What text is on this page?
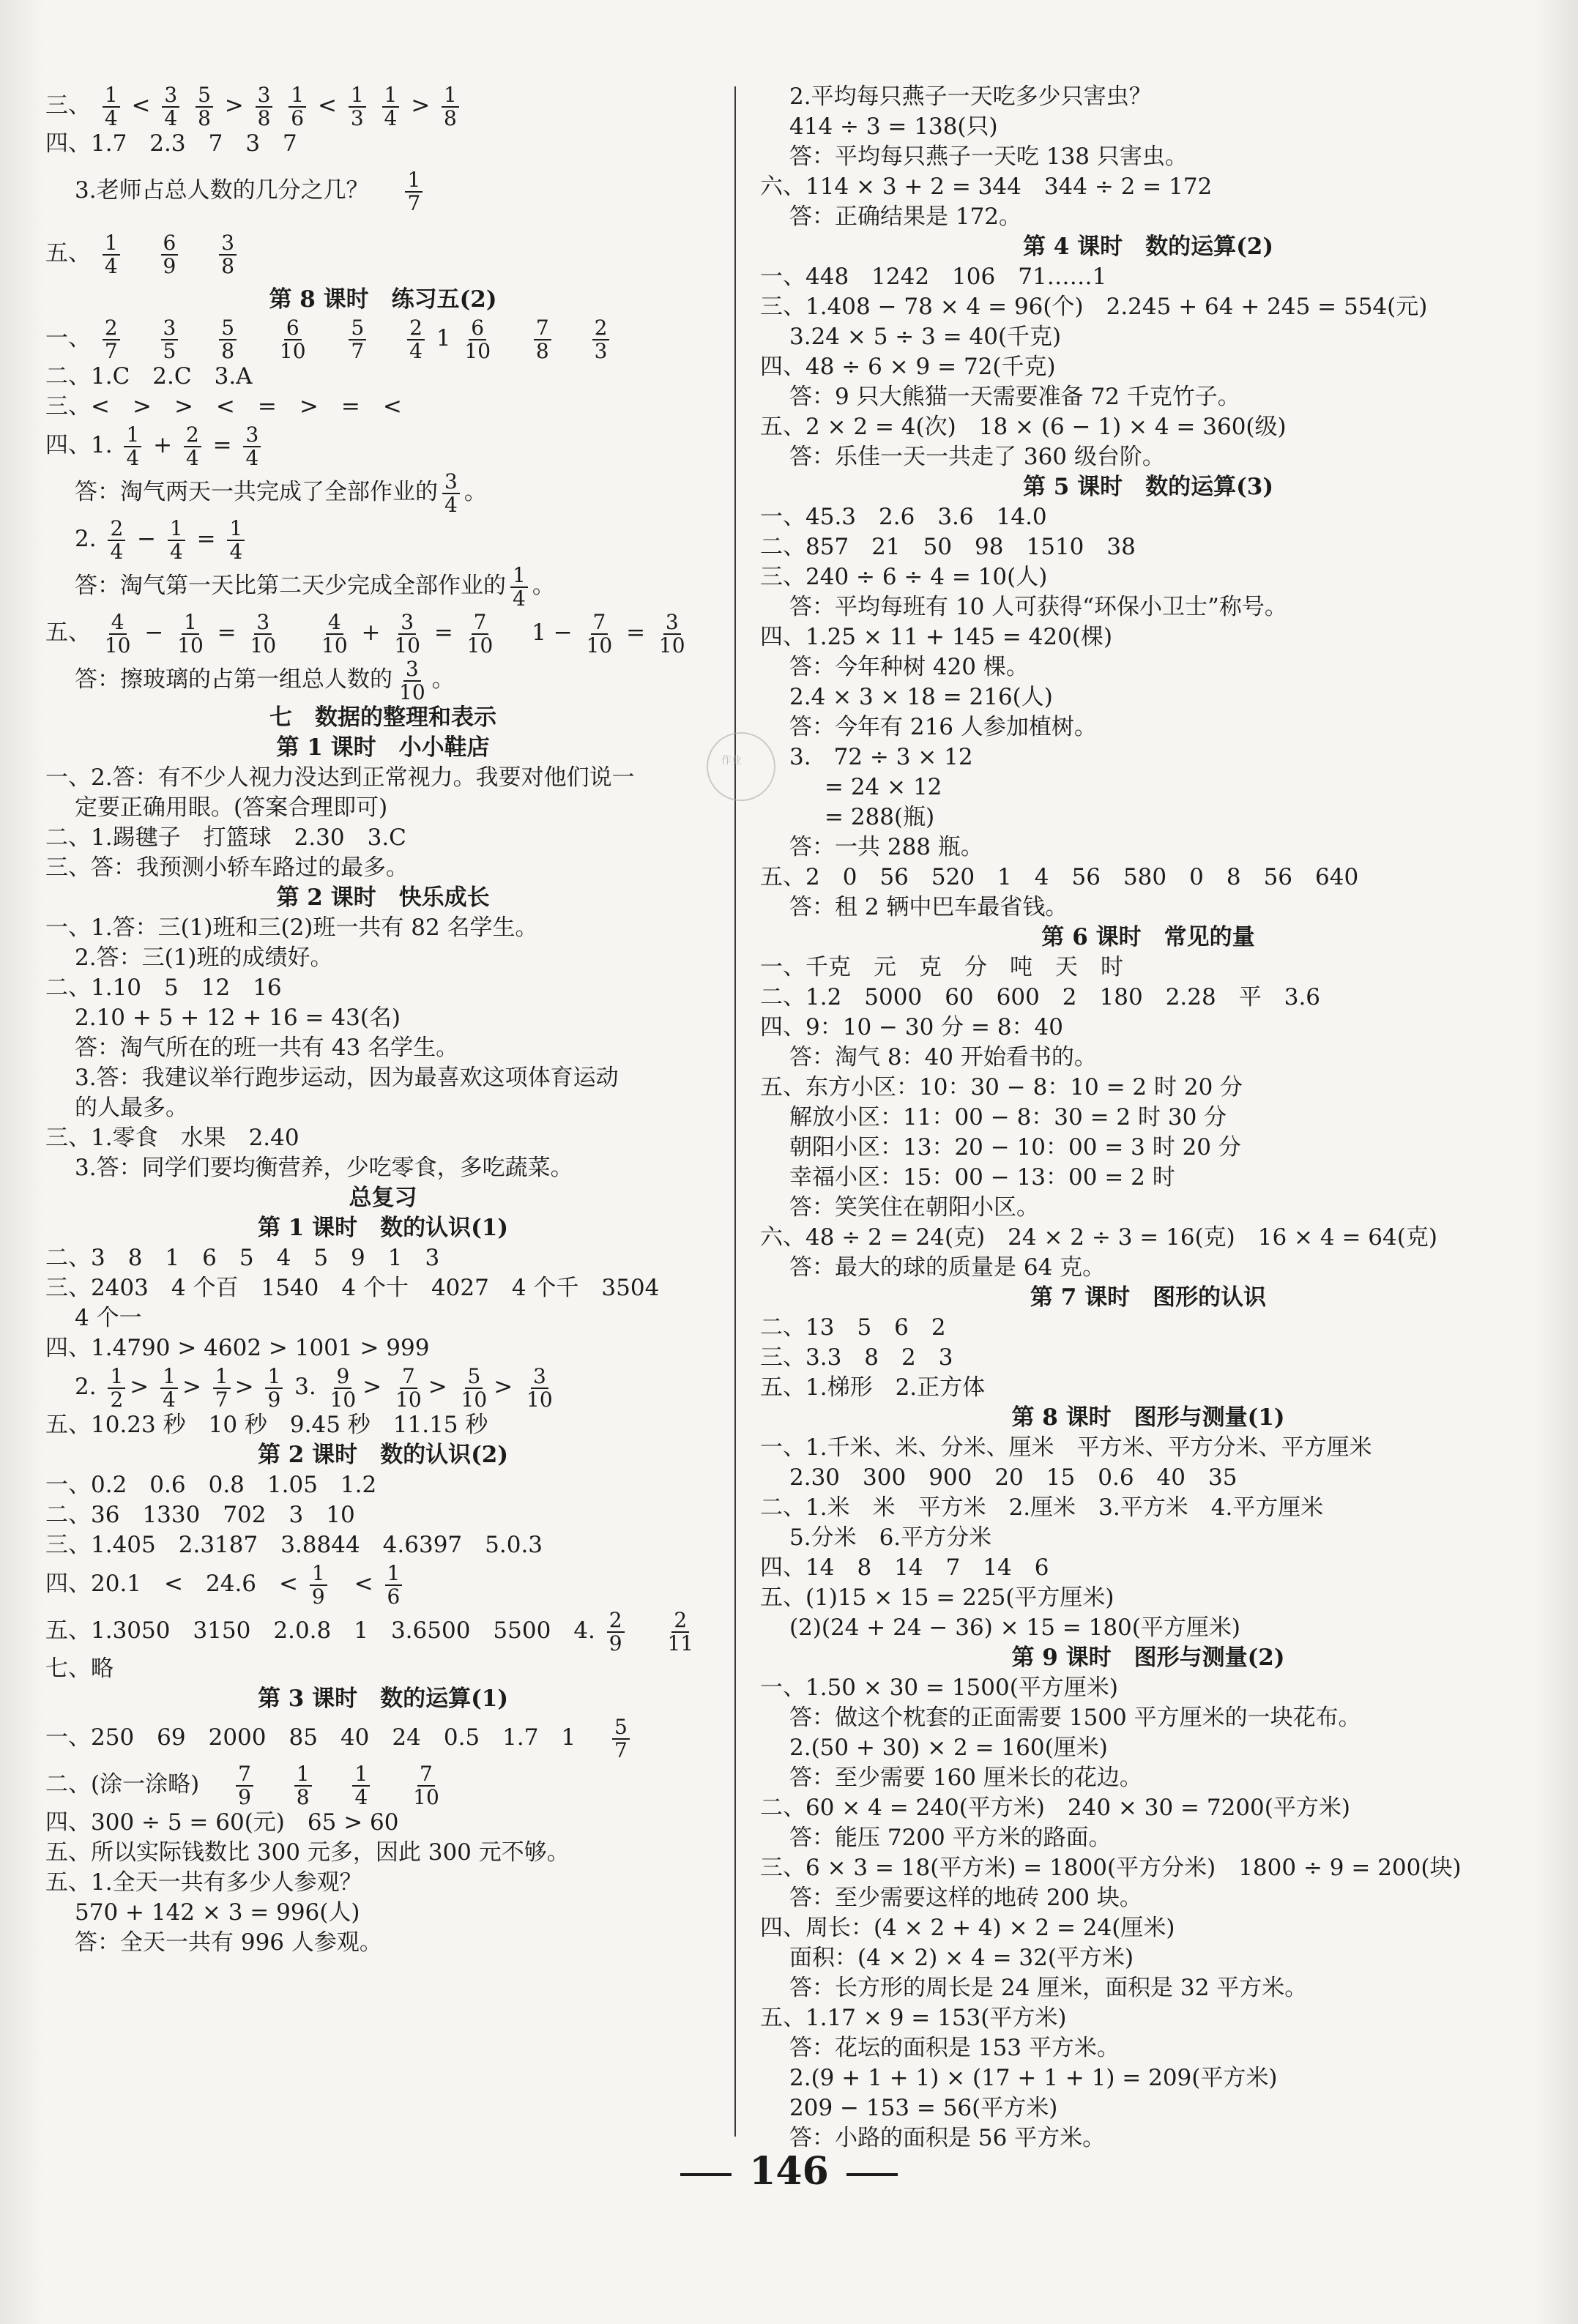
三、 $\frac{1}{4} < \frac{3}{4}$
$\frac{5}{8} > \frac{3}{8}$
$\frac{1}{6} < \frac{1}{3}$
$\frac{1}{4} > \frac{1}{8}$
四、1.7　2.3　7　3　7
3.老师占总人数的几分之几？ $\frac{1}{7}$
五、 $\frac{1}{4}$
$\frac{6}{9}$
$\frac{3}{8}$
第 8 课时　练习五(2)
一、 $\frac{2}{7}$
$\frac{3}{5}$
$\frac{5}{8}$
$\frac{6}{10}$
$\frac{5}{7}$
$\frac{2}{4} 1 \frac{6}{10}$
$\frac{7}{8}$
$\frac{2}{3}$
二、1.C　2.C　3.A
三、<　>　>　<　=　>　=　<
四、1. $\frac{1}{4} + \frac{2}{4} = \frac{3}{4}$
答：淘气两天一共完成了全部作业的 $\frac{3}{4}$ 。
2. $\frac{2}{4} - \frac{1}{4} = \frac{1}{4}$
答：淘气第一天比第二天少完成全部作业的 $\frac{1}{4}$ 。
五、 $\frac{4}{10} - \frac{1}{10} = \frac{3}{10}$
$\frac{4}{10} + \frac{3}{10} = \frac{7}{10} 1 - \frac{7}{10} = \frac{3}{10}$
答：擦玻璃的占第一组总人数的 $\frac{3}{10}$ 。
七　数据的整理和表示
第 1 课时　小小鞋店
一、2.答：有不少人视力没达到正常视力。我要对他们说一
定要正确用眼。(答案合理即可)
二、1.踢毽子　打篮球　2.30　3.C
三、答：我预测小轿车路过的最多。
第 2 课时　快乐成长
一、1.答：三(1)班和三(2)班一共有 82 名学生。
2.答：三(1)班的成绩好。
二、1.10　5　12　16
2.10 + 5 + 12 + 16 = 43(名)
答：淘气所在的班一共有 43 名学生。
3.答：我建议举行跑步运动，因为最喜欢这项体育运动
的人最多。
三、1.零食　水果　2.40
3.答：同学们要均衡营养，少吃零食，多吃蔬菜。
总复习
第 1 课时　数的认识(1)
二、3　8　1　6　5　4　5　9　1　3
三、2403　4 个百　1540　4 个十　4027　4 个千　3504
4 个一
四、1.4790 > 4602 > 1001 > 999
2. $\frac{1}{2} > \frac{1}{4} > \frac{1}{7} > \frac{1}{9} 3$. $\frac{9}{10} > \frac{7}{10} > \frac{5}{10} > \frac{3}{10}$
五、10.23 秒　10 秒　9.45 秒　11.15 秒
第 2 课时　数的认识(2)
一、0.2　0.6　0.8　1.05　1.2
二、36　1330　702　3　10
三、1.405　2.3187　3.8844　4.6397　5.0.3
四、20.1　<　24.6　< $\frac{1}{9}$ 　< $\frac{1}{6}$
五、1.3050　3150　2.0.8　1　3.6500　5500　4. $\frac{2}{9}$
$\frac{2}{11}$
七、略
第 3 课时　数的运算(1)
一、250　69　2000　85　40　24　0.5　1.7　$1 \frac{5}{7}$
二、(涂一涂略) $\frac{7}{9}$
$\frac{1}{8}$
$\frac{1}{4}$
$\frac{7}{10}$
四、300 ÷ 5 = 60(元)　65 > 60
五、所以实际钱数比 300 元多，因此 300 元不够。
五、1.全天一共有多少人参观？
570 + 142 × 3 = 996(人)
答：全天一共有 996 人参观。
2.平均每只燕子一天吃多少只害虫？
414 ÷ 3 = 138(只)
答：平均每只燕子一天吃 138 只害虫。
六、114 × 3 + 2 = 344　344 ÷ 2 = 172
答：正确结果是 172。
第 4 课时　数的运算(2)
一、448　1242　106　71……1
三、1.408 − 78 × 4 = 96(个)　2.245 + 64 + 245 = 554(元)
3.24 × 5 ÷ 3 = 40(千克)
四、48 ÷ 6 × 9 = 72(千克)
答：9 只大熊猫一天需要准备 72 千克竹子。
五、2 × 2 = 4(次)　18 × (6 − 1) × 4 = 360(级)
答：乐佳一天一共走了 360 级台阶。
第 5 课时　数的运算(3)
一、45.3　2.6　3.6　14.0
二、857　21　50　98　1510　38
三、240 ÷ 6 ÷ 4 = 10(人)
答：平均每班有 10 人可获得“环保小卫士”称号。
四、1.25 × 11 + 145 = 420(棵)
答：今年种树 420 棵。
2.4 × 3 × 18 = 216(人)
答：今年有 216 人参加植树。
3.　72 ÷ 3 × 12
= 24 × 12
= 288(瓶)
答：一共 288 瓶。
五、2　0　56　520　1　4　56　580　0　8　56　640
答：租 2 辆中巴车最省钱。
第 6 课时　常见的量
一、千克　元　克　分　吨　天　时
二、1.2　5000　60　600　2　180　2.28　平　3.6
四、9：10 − 30 分 = 8：40
答：淘气 8：40 开始看书的。
五、东方小区：10：30 − 8：10 = 2 时 20 分
解放小区：11：00 − 8：30 = 2 时 30 分
朝阳小区：13：20 − 10：00 = 3 时 20 分
幸福小区：15：00 − 13：00 = 2 时
答：笑笑住在朝阳小区。
六、48 ÷ 2 = 24(克)　24 × 2 ÷ 3 = 16(克)　16 × 4 = 64(克)
答：最大的球的质量是 64 克。
第 7 课时　图形的认识
二、13　5　6　2
三、3.3　8　2　3
五、1.梯形　2.正方体
第 8 课时　图形与测量(1)
一、1.千米、米、分米、厘米　平方米、平方分米、平方厘米
2.30　300　900　20　15　0.6　40　35
二、1.米　米　平方米　2.厘米　3.平方米　4.平方厘米
5.分米　6.平方分米
四、14　8　14　7　14　6
五、(1)15 × 15 = 225(平方厘米)
(2)(24 + 24 − 36) × 15 = 180(平方厘米)
第 9 课时　图形与测量(2)
一、1.50 × 30 = 1500(平方厘米)
答：做这个枕套的正面需要 1500 平方厘米的一块花布。
2.(50 + 30) × 2 = 160(厘米)
答：至少需要 160 厘米长的花边。
二、60 × 4 = 240(平方米)　240 × 30 = 7200(平方米)
答：能压 7200 平方米的路面。
三、6 × 3 = 18(平方米) = 1800(平方分米)　1800 ÷ 9 = 200(块)
答：至少需要这样的地砖 200 块。
四、周长：(4 × 2 + 4) × 2 = 24(厘米)
面积：(4 × 2) × 4 = 32(平方米)
答：长方形的周长是 24 厘米，面积是 32 平方米。
五、1.17 × 9 = 153(平方米)
答：花坛的面积是 153 平方米。
2.(9 + 1 + 1) × (17 + 1 + 1) = 209(平方米)
209 − 153 = 56(平方米)
答：小路的面积是 56 平方米。
作业
146
